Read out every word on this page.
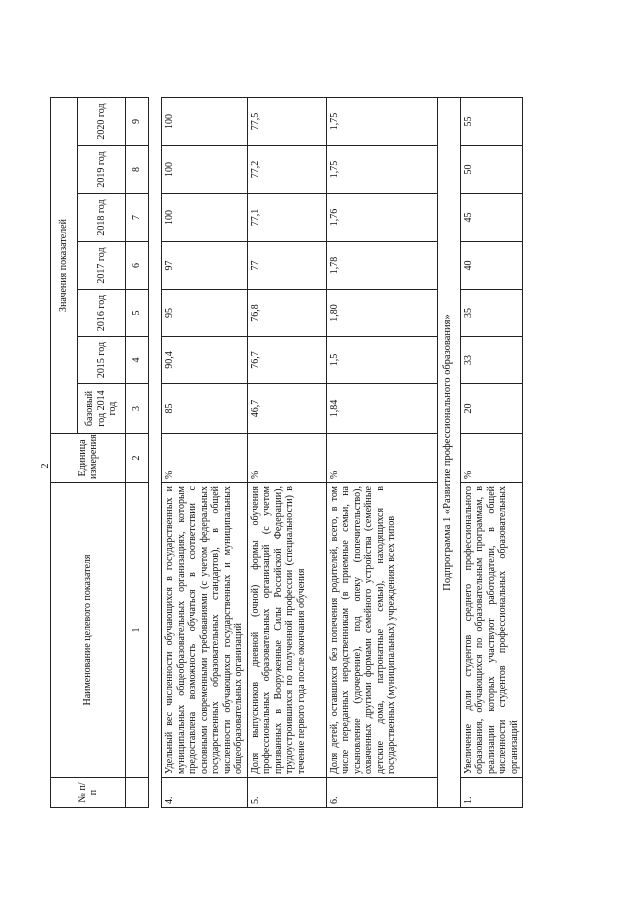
2
№ п/п	Наименование целевого показателя	Единица измерения	Значения показателей						
			базовый год 2014 год	2015 год	2016 год	2017 год	2018 год	2019 год	2020 год
	1	2	3	4	5	6	7	8	9

4.	Удельный вес численности обучающихся в государственных и муниципальных общеобразовательных организациях, которым предоставлена возможность обучаться в соответствии с основными современными требованиями (с учетом федеральных государственных образовательных стандартов), в общей численности обучающихся государственных и муниципальных общеобразовательных организаций	%	85	90,4	95	97	100	100	100
5.	Доля выпускников дневной (очной) формы обучения профессиональных образовательных организаций (с учетом призванных в Вооруженные Силы Российской Федерации), трудоустроившихся по полученной профессии (специальности) в течение первого года после окончания обучения	%	46,7	76,7	76,8	77	77,1	77,2	77,5
6.	Доля детей, оставшихся без попечения родителей, всего, в том числе переданных неродственникам (в приемные семьи, на усыновление (удочерение), под опеку (попечительство), охваченных другими формами семейного устройства (семейные детские дома, патронатные семьи), находящихся в государственных (муниципальных) учреждениях всех типов	%	1,84	1,5	1,80	1,78	1,76	1,75	1,75
Подпрограмма 1 «Развитие профессионального образования»									
1.	Увеличение доли студентов среднего профессионального образования, обучающихся по образовательным программам, в реализации которых участвуют работодатели, в общей численности студентов профессиональных образовательных организаций	%	20	33	35	40	45	50	55
